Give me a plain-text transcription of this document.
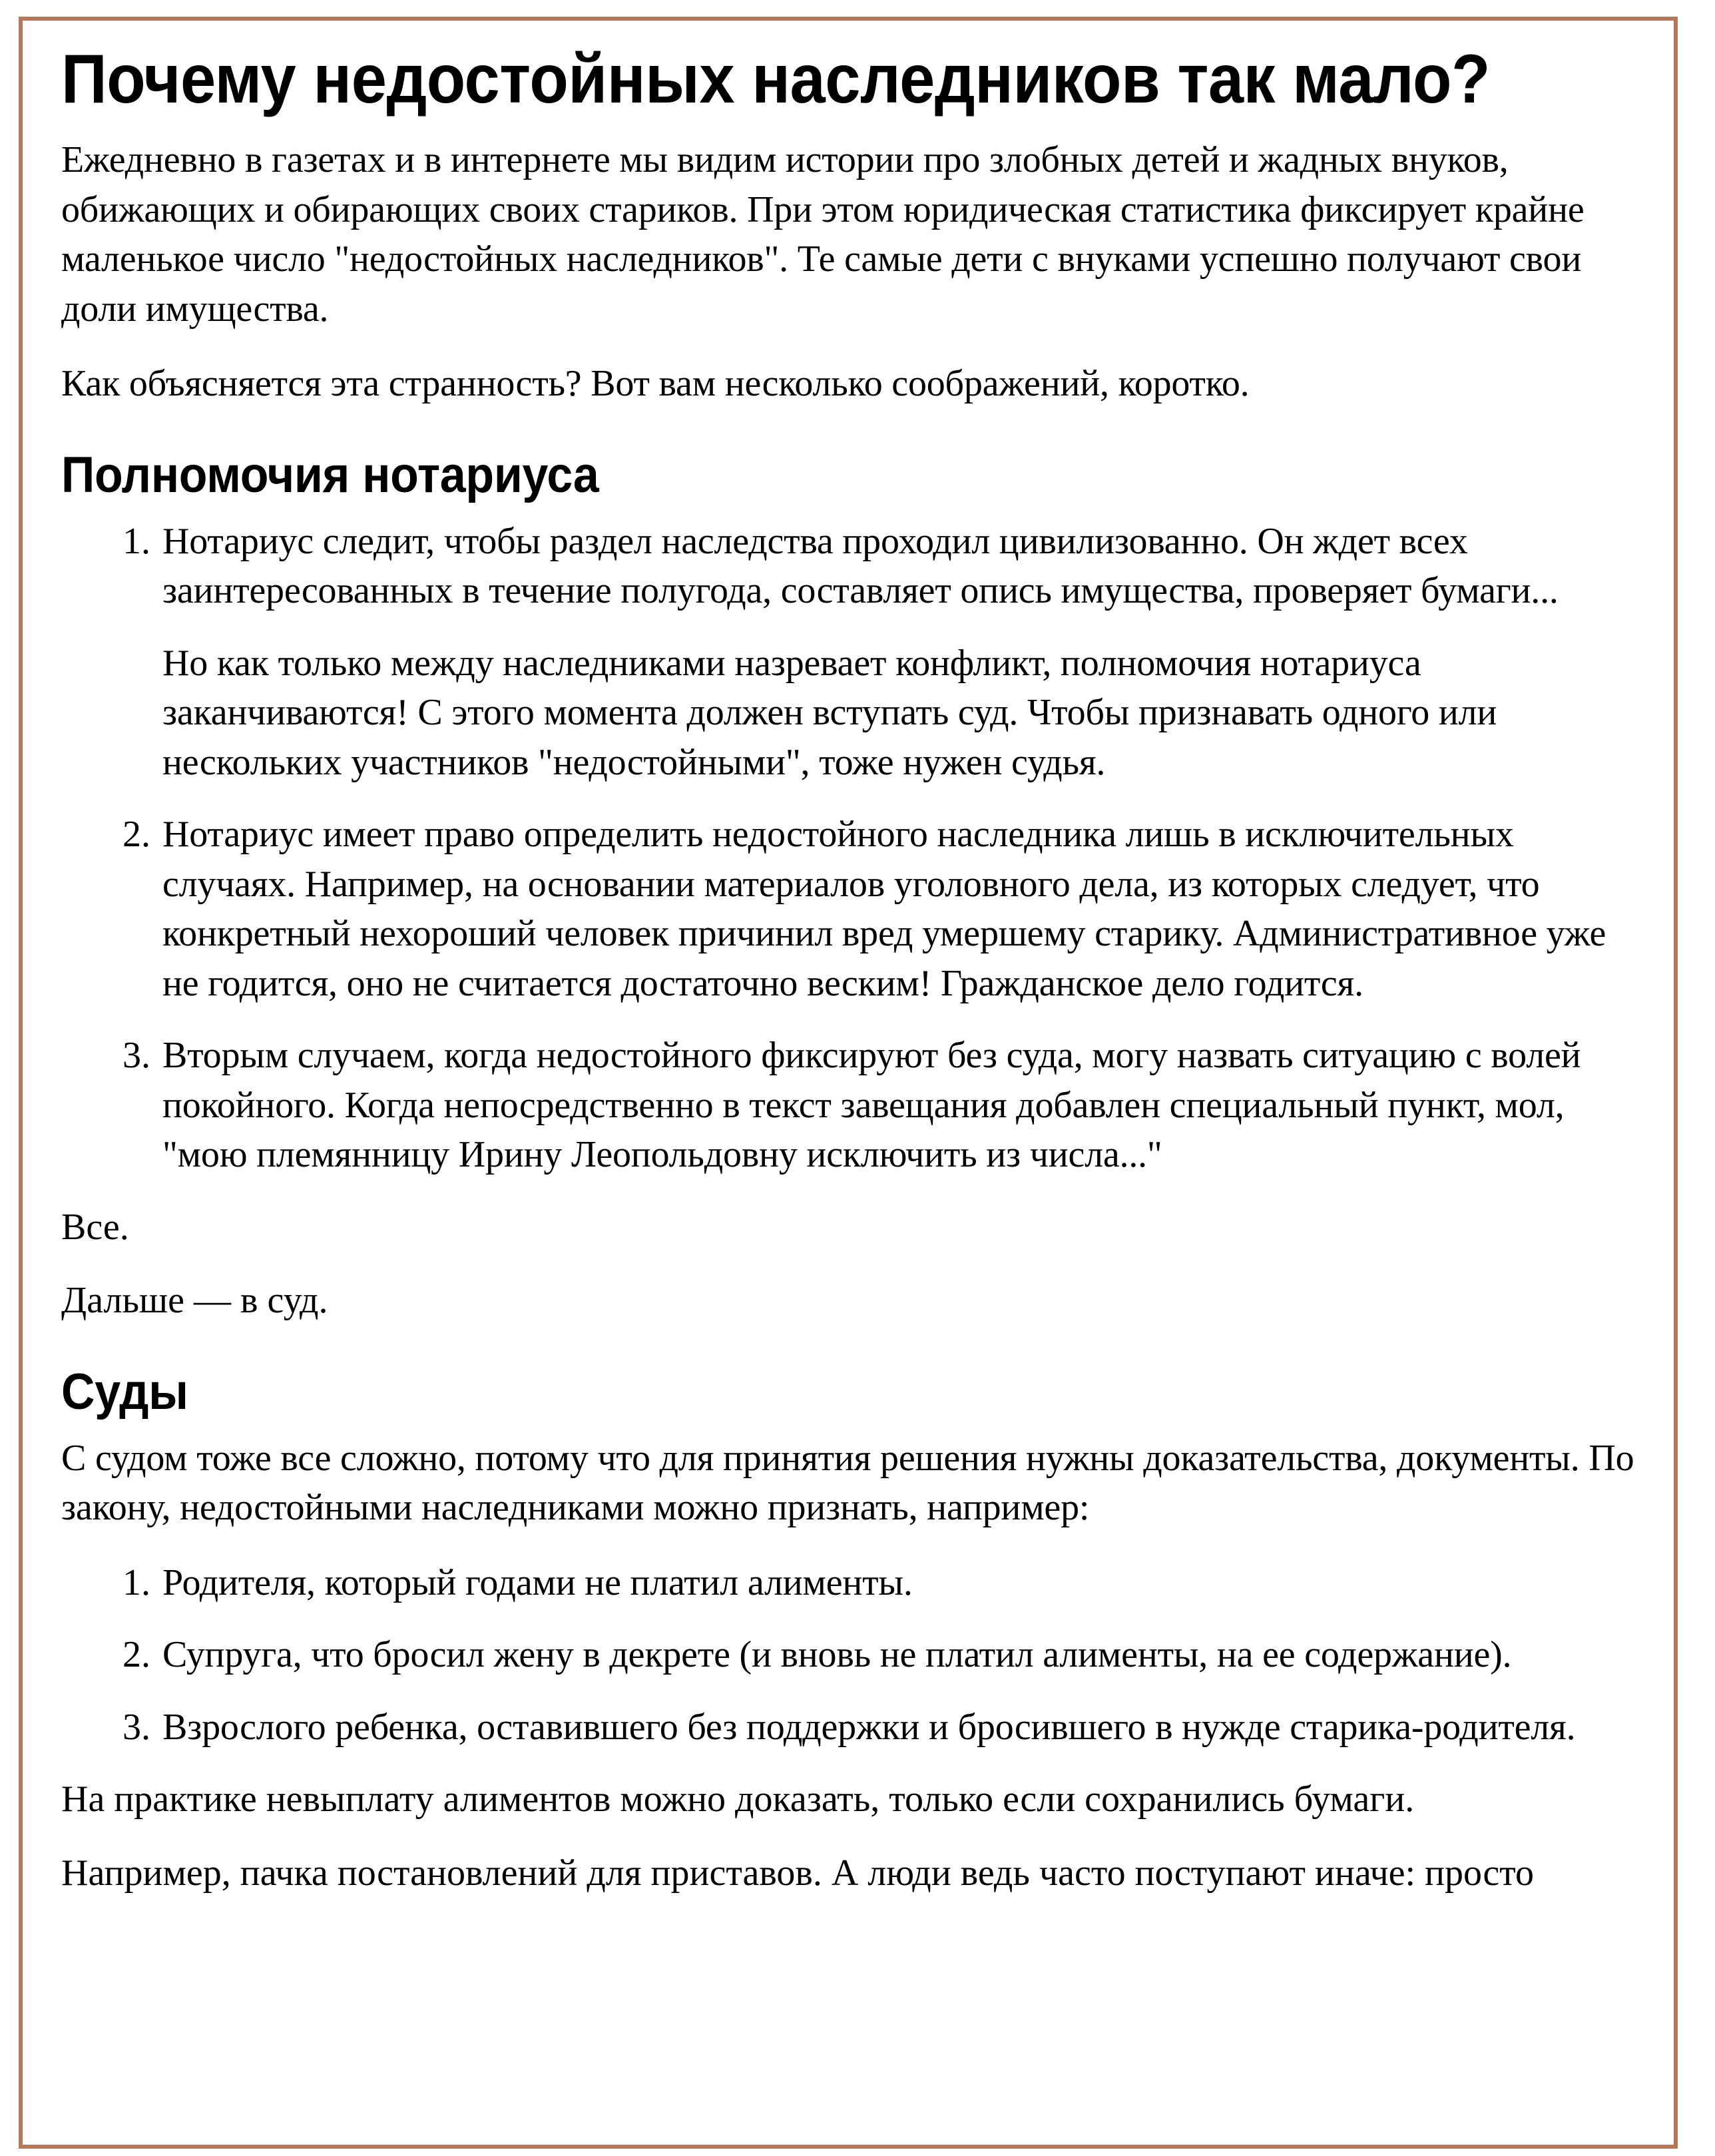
Почему недостойных наследников так мало?

Ежедневно в газетах и в интернете мы видим истории про злобных детей и жадных внуков, обижающих и обирающих своих стариков. При этом юридическая статистика фиксирует крайне маленькое число "недостойных наследников". Те самые дети с внуками успешно получают свои доли имущества.

Как объясняется эта странность? Вот вам несколько соображений, коротко.

Полномочия нотариуса

Нотариус следит, чтобы раздел наследства проходил цивилизованно. Он ждет всех заинтересованных в течение полугода, составляет опись имущества, проверяет бумаги...

Но как только между наследниками назревает конфликт, полномочия нотариуса заканчиваются! С этого момента должен вступать суд. Чтобы признавать одного или нескольких участников "недостойными", тоже нужен судья.

Нотариус имеет право определить недостойного наследника лишь в исключительных случаях. Например, на основании материалов уголовного дела, из которых следует, что конкретный нехороший человек причинил вред умершему старику. Административное уже не годится, оно не считается достаточно веским! Гражданское дело годится.

Вторым случаем, когда недостойного фиксируют без суда, могу назвать ситуацию с волей покойного. Когда непосредственно в текст завещания добавлен специальный пункт, мол, "мою племянницу Ирину Леопольдовну исключить из числа..."

Все.

Дальше — в суд.

Суды

С судом тоже все сложно, потому что для принятия решения нужны доказательства, документы. По закону, недостойными наследниками можно признать, например:

Родителя, который годами не платил алименты.

Супруга, что бросил жену в декрете (и вновь не платил алименты, на ее содержание).

Взрослого ребенка, оставившего без поддержки и бросившего в нужде старика-родителя.

На практике невыплату алиментов можно доказать, только если сохранились бумаги.

Например, пачка постановлений для приставов. А люди ведь часто поступают иначе: просто
